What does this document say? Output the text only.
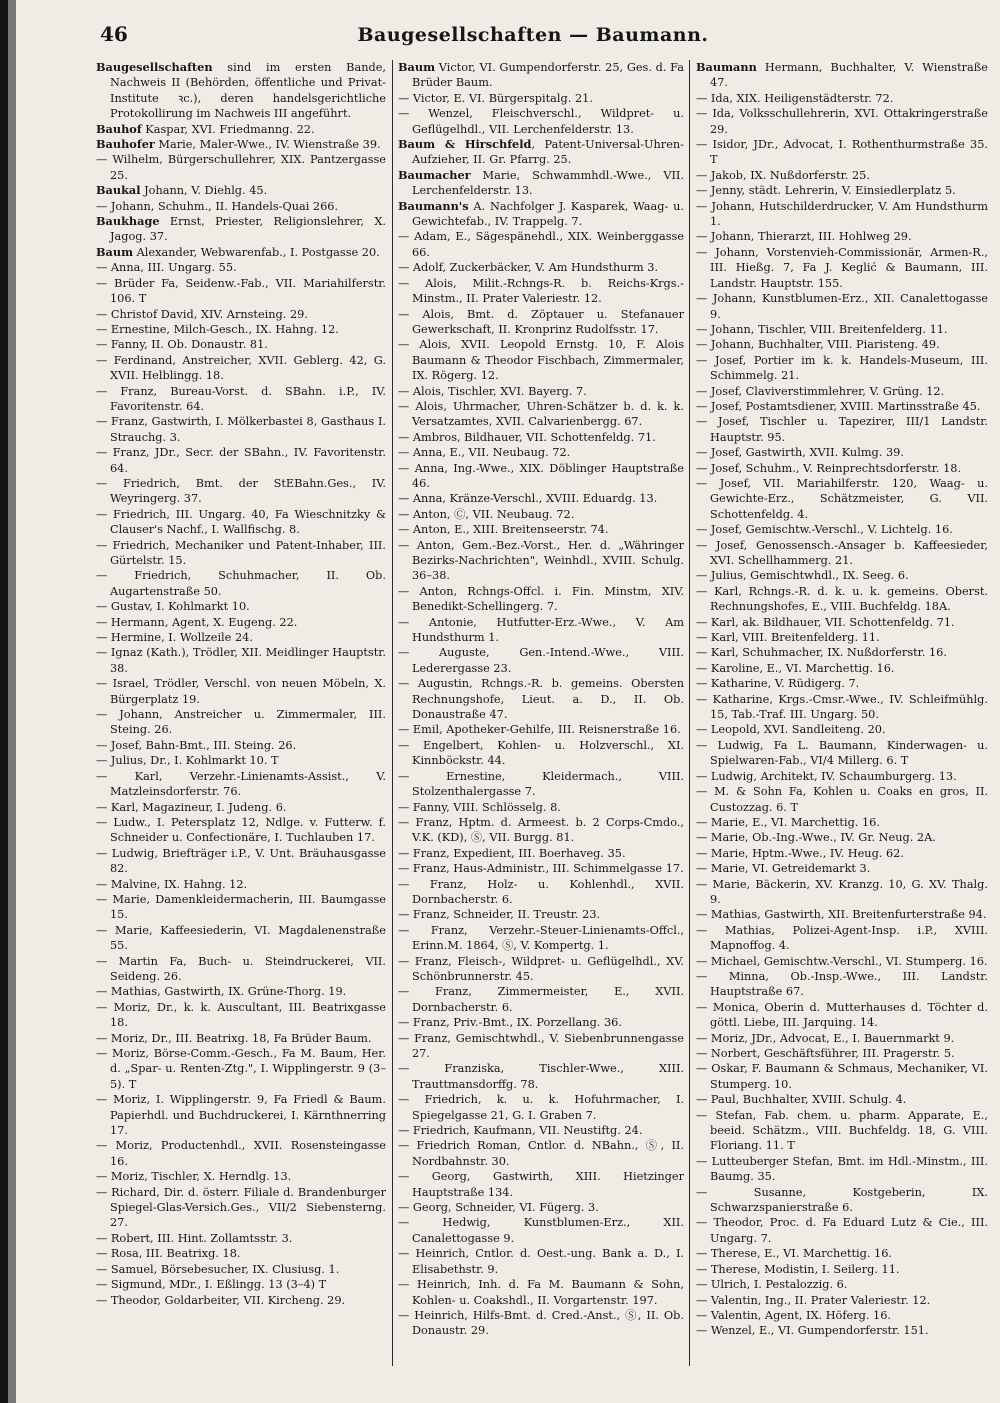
46	Baugesellschaften — Baumann.

Baugesellschaften sind im ersten Bande, Nachweis II (Behörden, öffentliche und Privat-Institute ꝛc.), deren handelsgerichtliche Protokollirung im Nachweis III angeführt.

Bauhof Kaspar, XVI. Friedmanng. 22.

Bauhofer Marie, Maler-Wwe., IV. Wienstraße 39.

— Wilhelm, Bürgerschullehrer, XIX. Pantzergasse 25.

Baukal Johann, V. Diehlg. 45.

— Johann, Schuhm., II. Handels-Quai 266.

Baukhage Ernst, Priester, Religionslehrer, X. Jagog. 37.

Baum Alexander, Webwarenfab., I. Postgasse 20.

— Anna, III. Ungarg. 55.

— Brüder Fa, Seidenw.-Fab., VII. Mariahilferstr. 106. T

— Christof David, XIV. Arnsteing. 29.

— Ernestine, Milch-Gesch., IX. Hahng. 12.

— Fanny, II. Ob. Donaustr. 81.

— Ferdinand, Anstreicher, XVII. Geblerg. 42, G. XVII. Helblingg. 18.

— Franz, Bureau-Vorst. d. SBahn. i.P., IV. Favoritenstr. 64.

— Franz, Gastwirth, I. Mölkerbastei 8, Gasthaus I. Strauchg. 3.

— Franz, JDr., Secr. der SBahn., IV. Favoritenstr. 64.

— Friedrich, Bmt. der StEBahn.Ges., IV. Weyringerg. 37.

— Friedrich, III. Ungarg. 40, Fa Wieschnitzky & Clauser's Nachf., I. Wallfischg. 8.

— Friedrich, Mechaniker und Patent-Inhaber, III. Gürtelstr. 15.

— Friedrich, Schuhmacher, II. Ob. Augartenstraße 50.

— Gustav, I. Kohlmarkt 10.

— Hermann, Agent, X. Eugeng. 22.

— Hermine, I. Wollzeile 24.

— Ignaz (Kath.), Trödler, XII. Meidlinger Hauptstr. 38.

— Israel, Trödler, Verschl. von neuen Möbeln, X. Bürgerplatz 19.

— Johann, Anstreicher u. Zimmermaler, III. Steing. 26.

— Josef, Bahn-Bmt., III. Steing. 26.

— Julius, Dr., I. Kohlmarkt 10. T

— Karl, Verzehr.-Linienamts-Assist., V. Matzleinsdorferstr. 76.

— Karl, Magazineur, I. Judeng. 6.

— Ludw., I. Petersplatz 12, Ndlge. v. Futterw. f. Schneider u. Confectionäre, I. Tuchlauben 17.

— Ludwig, Briefträger i.P., V. Unt. Bräuhausgasse 82.

— Malvine, IX. Hahng. 12.

— Marie, Damenkleidermacherin, III. Baumgasse 15.

— Marie, Kaffeesiederin, VI. Magdalenenstraße 55.

— Martin Fa, Buch- u. Steindruckerei, VII. Seideng. 26.

— Mathias, Gastwirth, IX. Grüne-Thorg. 19.

— Moriz, Dr., k. k. Auscultant, III. Beatrixgasse 18.

— Moriz, Dr., III. Beatrixg. 18, Fa Brüder Baum.

— Moriz, Börse-Comm.-Gesch., Fa M. Baum, Her. d. „Spar- u. Renten-Ztg.", I. Wipplingerstr. 9 (3–5). T

— Moriz, I. Wipplingerstr. 9, Fa Friedl & Baum. Papierhdl. und Buchdruckerei, I. Kärnthnerring 17.

— Moriz, Productenhdl., XVII. Rosensteingasse 16.

— Moriz, Tischler, X. Herndlg. 13.

— Richard, Dir. d. österr. Filiale d. Brandenburger Spiegel-Glas-Versich.Ges., VII/2 Siebensterng. 27.

— Robert, III. Hint. Zollamtsstr. 3.

— Rosa, III. Beatrixg. 18.

— Samuel, Börsebesucher, IX. Clusiusg. 1.

— Sigmund, MDr., I. Eßlingg. 13 (3–4) T

— Theodor, Goldarbeiter, VII. Kircheng. 29.

Baum Victor, VI. Gumpendorferstr. 25, Ges. d. Fa Brüder Baum.

— Victor, E. VI. Bürgerspitalg. 21.

— Wenzel, Fleischverschl., Wildpret- u. Geflügelhdl., VII. Lerchenfelderstr. 13.

Baum & Hirschfeld, Patent-Universal-Uhren-Aufzieher, II. Gr. Pfarrg. 25.

Baumacher Marie, Schwammhdl.-Wwe., VII. Lerchenfelderstr. 13.

Baumann's A. Nachfolger J. Kasparek, Waag- u. Gewichtefab., IV. Trappelg. 7.

— Adam, E., Sägespänehdl., XIX. Weinberggasse 66.

— Adolf, Zuckerbäcker, V. Am Hundsthurm 3.

— Alois, Milit.-Rchngs-R. b. Reichs-Krgs.-Minstm., II. Prater Valeriestr. 12.

— Alois, Bmt. d. Zöptauer u. Stefanauer Gewerkschaft, II. Kronprinz Rudolfsstr. 17.

— Alois, XVII. Leopold Ernstg. 10, F. Alois Baumann & Theodor Fischbach, Zimmermaler, IX. Rögerg. 12.

— Alois, Tischler, XVI. Bayerg. 7.

— Alois, Uhrmacher, Uhren-Schätzer b. d. k. k. Versatzamtes, XVII. Calvarienbergg. 67.

— Ambros, Bildhauer, VII. Schottenfeldg. 71.

— Anna, E., VII. Neubaug. 72.

— Anna, Ing.-Wwe., XIX. Döblinger Hauptstraße 46.

— Anna, Kränze-Verschl., XVIII. Eduardg. 13.

— Anton, Ⓒ, VII. Neubaug. 72.

— Anton, E., XIII. Breitenseerstr. 74.

— Anton, Gem.-Bez.-Vorst., Her. d. „Währinger Bezirks-Nachrichten", Weinhdl., XVIII. Schulg. 36–38.

— Anton, Rchngs-Offcl. i. Fin. Minstm, XIV. Benedikt-Schellingerg. 7.

— Antonie, Hutfutter-Erz.-Wwe., V. Am Hundsthurm 1.

— Auguste, Gen.-Intend.-Wwe., VIII. Lederergasse 23.

— Augustin, Rchngs.-R. b. gemeins. Obersten Rechnungshofe, Lieut. a. D., II. Ob. Donaustraße 47.

— Emil, Apotheker-Gehilfe, III. Reisnerstraße 16.

— Engelbert, Kohlen- u. Holzverschl., XI. Kinnböckstr. 44.

— Ernestine, Kleidermach., VIII. Stolzenthalergasse 7.

— Fanny, VIII. Schlösselg. 8.

— Franz, Hptm. d. Armeest. b. 2 Corps-Cmdo., V.K. (KD), Ⓢ, VII. Burgg. 81.

— Franz, Expedient, III. Boerhaveg. 35.

— Franz, Haus-Administr., III. Schimmelgasse 17.

— Franz, Holz- u. Kohlenhdl., XVII. Dornbacherstr. 6.

— Franz, Schneider, II. Treustr. 23.

— Franz, Verzehr.-Steuer-Linienamts-Offcl., Erinn.M. 1864, Ⓢ, V. Kompertg. 1.

— Franz, Fleisch-, Wildpret- u. Geflügelhdl., XV. Schönbrunnerstr. 45.

— Franz, Zimmermeister, E., XVII. Dornbacherstr. 6.

— Franz, Priv.-Bmt., IX. Porzellang. 36.

— Franz, Gemischtwhdl., V. Siebenbrunnengasse 27.

— Franziska, Tischler-Wwe., XIII. Trauttmansdorffg. 78.

— Friedrich, k. u. k. Hofuhrmacher, I. Spiegelgasse 21, G. I. Graben 7.

— Friedrich, Kaufmann, VII. Neustiftg. 24.

— Friedrich Roman, Cntlor. d. NBahn., Ⓢ, II. Nordbahnstr. 30.

— Georg, Gastwirth, XIII. Hietzinger Hauptstraße 134.

— Georg, Schneider, VI. Fügerg. 3.

— Hedwig, Kunstblumen-Erz., XII. Canalettogasse 9.

— Heinrich, Cntlor. d. Oest.-ung. Bank a. D., I. Elisabethstr. 9.

— Heinrich, Inh. d. Fa M. Baumann & Sohn, Kohlen- u. Coakshdl., II. Vorgartenstr. 197.

— Heinrich, Hilfs-Bmt. d. Cred.-Anst., Ⓢ, II. Ob. Donaustr. 29.

Baumann Hermann, Buchhalter, V. Wienstraße 47.

— Ida, XIX. Heiligenstädterstr. 72.

— Ida, Volksschullehrerin, XVI. Ottakringerstraße 29.

— Isidor, JDr., Advocat, I. Rothenthurmstraße 35. T

— Jakob, IX. Nußdorferstr. 25.

— Jenny, städt. Lehrerin, V. Einsiedlerplatz 5.

— Johann, Hutschilderdrucker, V. Am Hundsthurm 1.

— Johann, Thierarzt, III. Hohlweg 29.

— Johann, Vorstenvieh-Commissionär, Armen-R., III. Hießg. 7, Fa J. Keglić & Baumann, III. Landstr. Hauptstr. 155.

— Johann, Kunstblumen-Erz., XII. Canalettogasse 9.

— Johann, Tischler, VIII. Breitenfelderg. 11.

— Johann, Buchhalter, VIII. Piaristeng. 49.

— Josef, Portier im k. k. Handels-Museum, III. Schimmelg. 21.

— Josef, Claviverstimmlehrer, V. Grüng. 12.

— Josef, Postamtsdiener, XVIII. Martinsstraße 45.

— Josef, Tischler u. Tapezirer, III/1 Landstr. Hauptstr. 95.

— Josef, Gastwirth, XVII. Kulmg. 39.

— Josef, Schuhm., V. Reinprechtsdorferstr. 18.

— Josef, VII. Mariahilferstr. 120, Waag- u. Gewichte-Erz., Schätzmeister, G. VII. Schottenfeldg. 4.

— Josef, Gemischtw.-Verschl., V. Lichtelg. 16.

— Josef, Genossensch.-Ansager b. Kaffeesieder, XVI. Schellhammerg. 21.

— Julius, Gemischtwhdl., IX. Seeg. 6.

— Karl, Rchngs.-R. d. k. u. k. gemeins. Oberst. Rechnungshofes, E., VIII. Buchfeldg. 18A.

— Karl, ak. Bildhauer, VII. Schottenfeldg. 71.

— Karl, VIII. Breitenfelderg. 11.

— Karl, Schuhmacher, IX. Nußdorferstr. 16.

— Karoline, E., VI. Marchettig. 16.

— Katharine, V. Rüdigerg. 7.

— Katharine, Krgs.-Cmsr.-Wwe., IV. Schleifmühlg. 15, Tab.-Traf. III. Ungarg. 50.

— Leopold, XVI. Sandleiteng. 20.

— Ludwig, Fa L. Baumann, Kinderwagen- u. Spielwaren-Fab., VI/4 Millerg. 6. T

— Ludwig, Architekt, IV. Schaumburgerg. 13.

— M. & Sohn Fa, Kohlen u. Coaks en gros, II. Custozzag. 6. T

— Marie, E., VI. Marchettig. 16.

— Marie, Ob.-Ing.-Wwe., IV. Gr. Neug. 2A.

— Marie, Hptm.-Wwe., IV. Heug. 62.

— Marie, VI. Getreidemarkt 3.

— Marie, Bäckerin, XV. Kranzg. 10, G. XV. Thalg. 9.

— Mathias, Gastwirth, XII. Breitenfurterstraße 94.

— Mathias, Polizei-Agent-Insp. i.P., XVIII. Mapnoffog. 4.

— Michael, Gemischtw.-Verschl., VI. Stumperg. 16.

— Minna, Ob.-Insp.-Wwe., III. Landstr. Hauptstraße 67.

— Monica, Oberin d. Mutterhauses d. Töchter d. göttl. Liebe, III. Jarquing. 14.

— Moriz, JDr., Advocat, E., I. Bauernmarkt 9.

— Norbert, Geschäftsführer, III. Pragerstr. 5.

— Oskar, F. Baumann & Schmaus, Mechaniker, VI. Stumperg. 10.

— Paul, Buchhalter, XVIII. Schulg. 4.

— Stefan, Fab. chem. u. pharm. Apparate, E., beeid. Schätzm., VIII. Buchfeldg. 18, G. VIII. Floriang. 11. T

— Lutteuberger Stefan, Bmt. im Hdl.-Minstm., III. Baumg. 35.

— Susanne, Kostgeberin, IX. Schwarzspanierstraße 6.

— Theodor, Proc. d. Fa Eduard Lutz & Cie., III. Ungarg. 7.

— Therese, E., VI. Marchettig. 16.

— Therese, Modistin, I. Seilerg. 11.

— Ulrich, I. Pestalozzig. 6.

— Valentin, Ing., II. Prater Valeriestr. 12.

— Valentin, Agent, IX. Höferg. 16.

— Wenzel, E., VI. Gumpendorferstr. 151.
